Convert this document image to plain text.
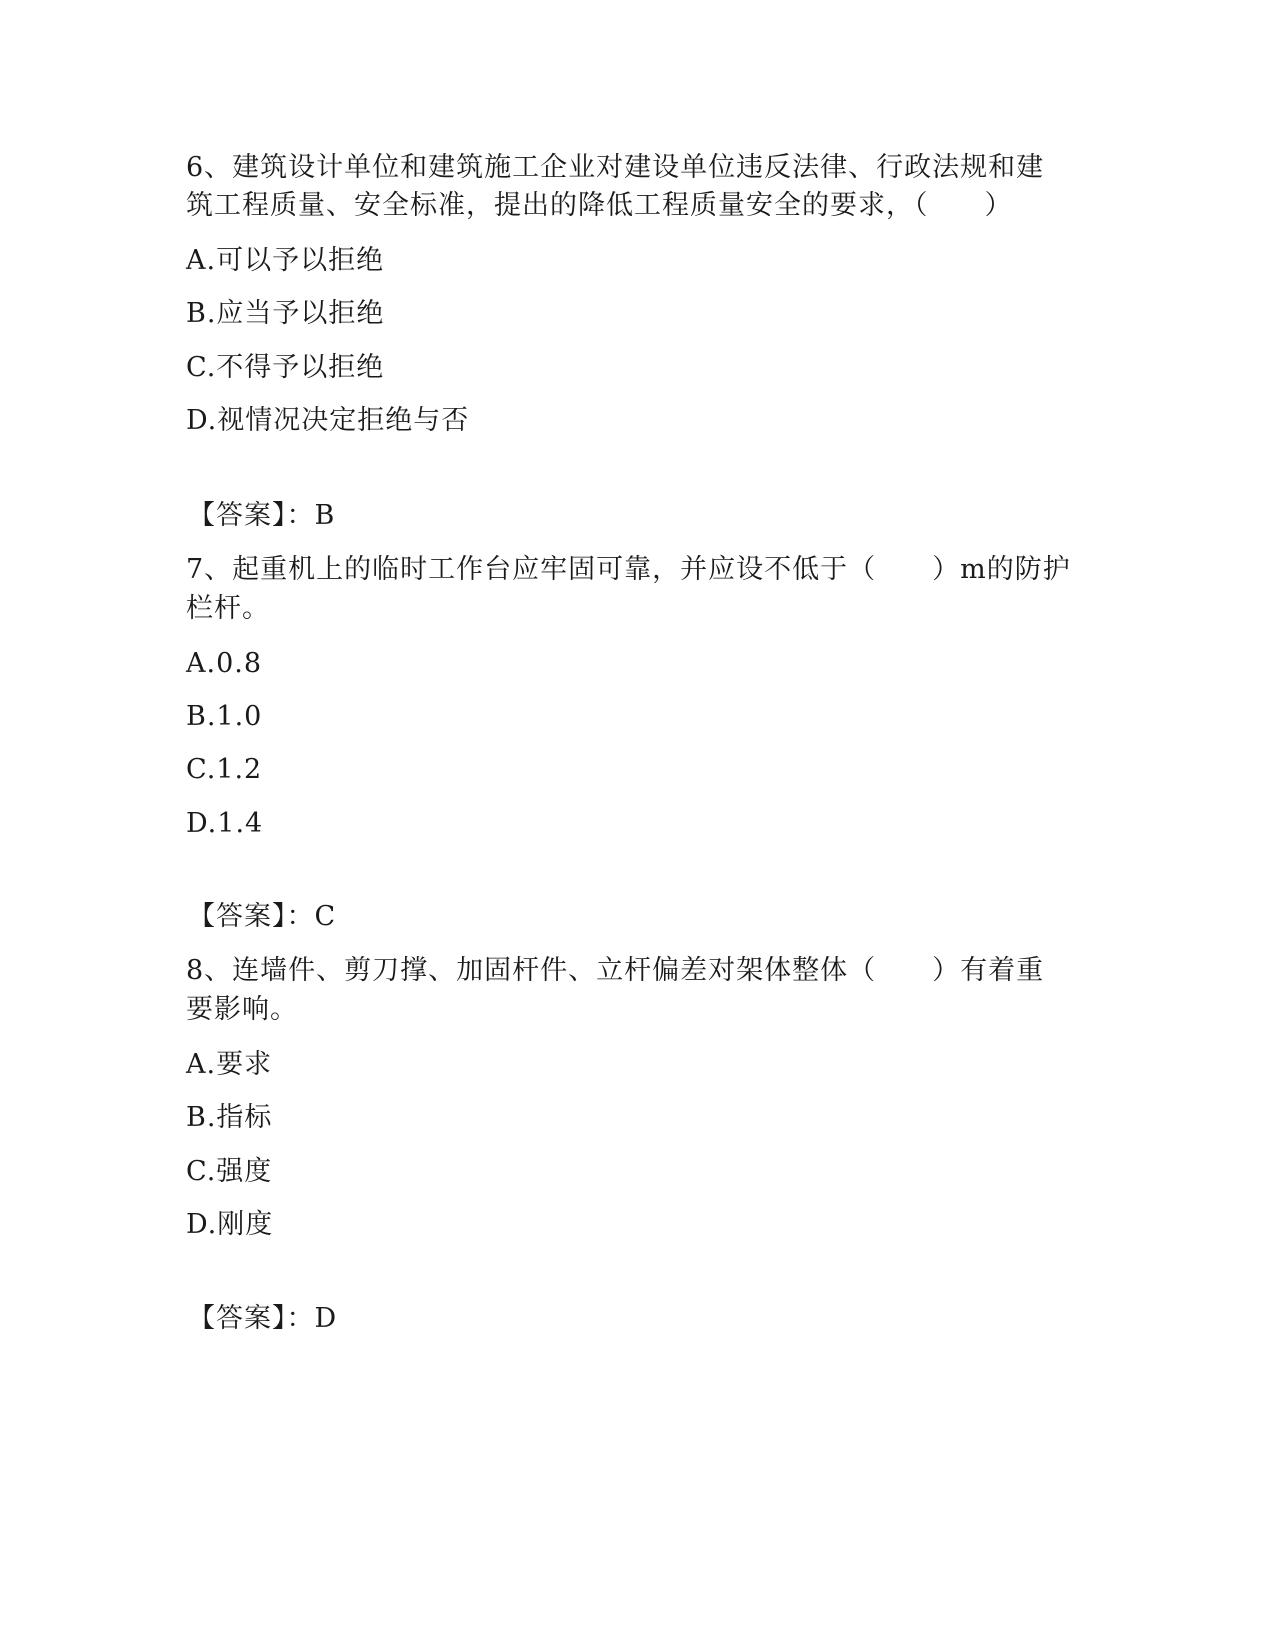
6、建筑设计单位和建筑施工企业对建设单位违反法律、行政法规和建
筑工程质量、安全标准，提出的降低工程质量安全的要求，（　　）
A.可以予以拒绝
B.应当予以拒绝
C.不得予以拒绝
D.视情况决定拒绝与否
【答案】：B
7、起重机上的临时工作台应牢固可靠，并应设不低于（　　）m的防护
栏杆。
A.0.8
B.1.0
C.1.2
D.1.4
【答案】：C
8、连墙件、剪刀撑、加固杆件、立杆偏差对架体整体（　　）有着重
要影响。
A.要求
B.指标
C.强度
D.刚度
【答案】：D
